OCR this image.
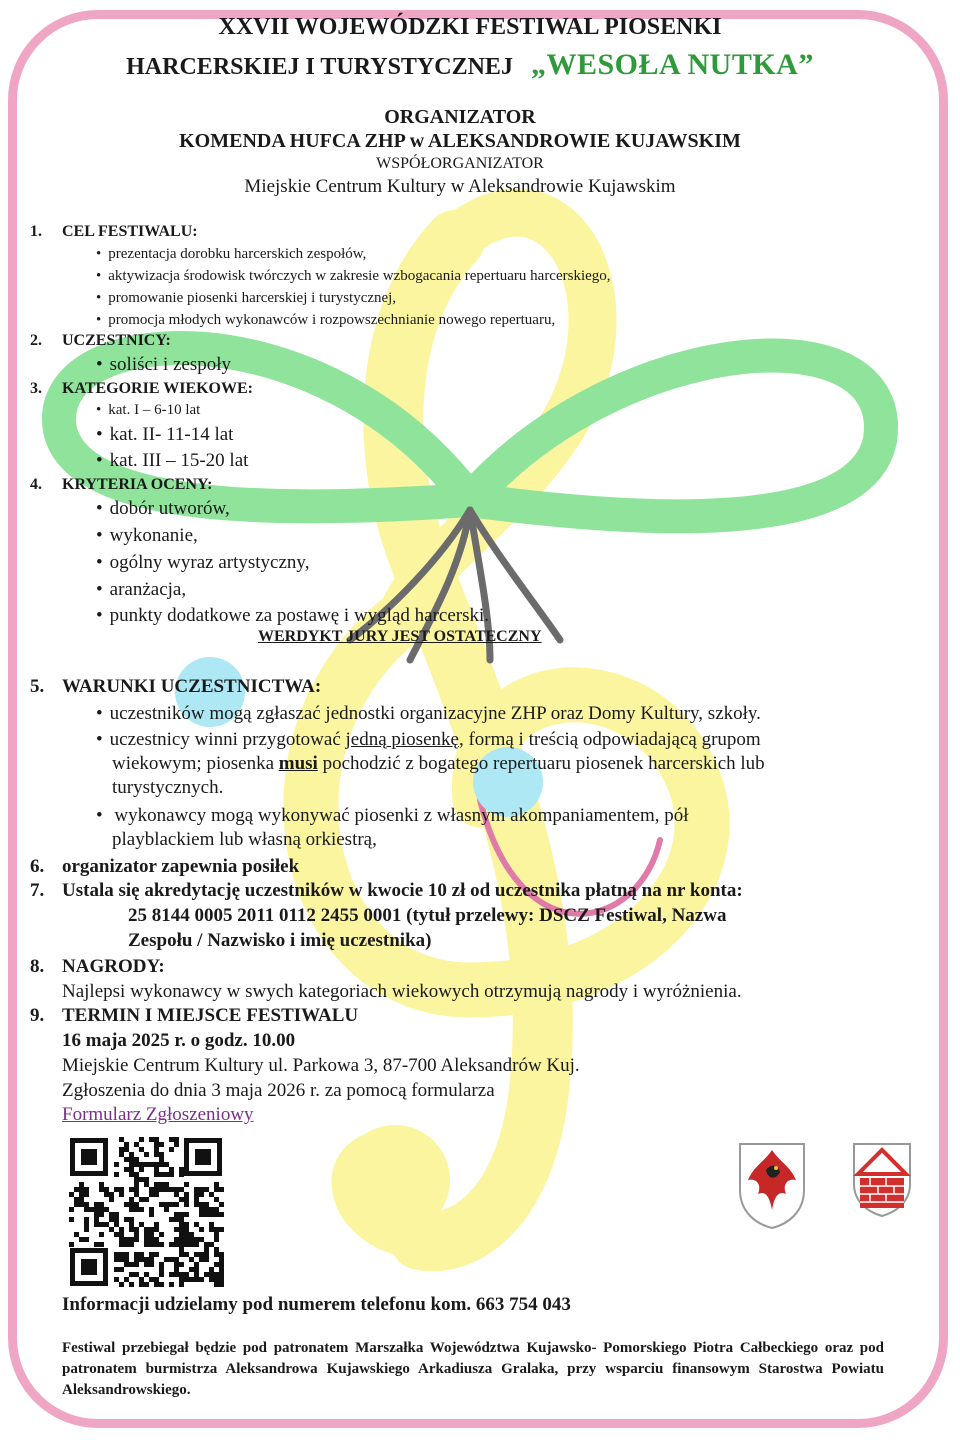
XXVII WOJEWÓDZKI FESTIWAL PIOSENKI
HARCERSKIEJ I TURYSTYCZNEJ „WESOŁA NUTKA”
ORGANIZATOR
KOMENDA HUFCA ZHP w ALEKSANDROWIE KUJAWSKIM
WSPÓŁORGANIZATOR
Miejskie Centrum Kultury w Aleksandrowie Kujawskim
1. CEL FESTIWALU:
• prezentacja dorobku harcerskich zespołów,
• aktywizacja środowisk twórczych w zakresie wzbogacania repertuaru harcerskiego,
• promowanie piosenki harcerskiej i turystycznej,
• promocja młodych wykonawców i rozpowszechnianie nowego repertuaru,
2. UCZESTNICY:
• soliści i zespoły
3. KATEGORIE WIEKOWE:
• kat. I – 6-10 lat
• kat. II- 11-14 lat
• kat. III – 15-20 lat
4. KRYTERIA OCENY:
• dobór utworów,
• wykonanie,
• ogólny wyraz artystyczny,
• aranżacja,
• punkty dodatkowe za postawę i wygląd harcerski.
WERDYKT JURY JEST OSTATECZNY
5. WARUNKI UCZESTNICTWA:
• uczestników mogą zgłaszać jednostki organizacyjne ZHP oraz Domy Kultury, szkoły.
• uczestnicy winni przygotować jedną piosenkę, formą i treścią odpowiadającą grupom
wiekowym; piosenka musi pochodzić z bogatego repertuaru piosenek harcerskich lub
turystycznych.
• wykonawcy mogą wykonywać piosenki z własnym akompaniamentem, pół
playblackiem lub własną orkiestrą,
6. organizator zapewnia posiłek
7. Ustala się akredytację uczestników w kwocie 10 zł od uczestnika płatną na nr konta:
25 8144 0005 2011 0112 2455 0001 (tytuł przelewy: DSCZ Festiwal, Nazwa
Zespołu / Nazwisko i imię uczestnika)
8. NAGRODY:
Najlepsi wykonawcy w swych kategoriach wiekowych otrzymują nagrody i wyróżnienia.
9. TERMIN I MIEJSCE FESTIWALU
16 maja 2025 r. o godz. 10.00
Miejskie Centrum Kultury ul. Parkowa 3, 87-700 Aleksandrów Kuj.
Zgłoszenia do dnia 3 maja 2026 r. za pomocą formularza
Formularz Zgłoszeniowy
Informacji udzielamy pod numerem telefonu kom. 663 754 043
Festiwal przebiegał będzie pod patronatem Marszałka Województwa Kujawsko- Pomorskiego Piotra Całbeckiego oraz pod patronatem burmistrza Aleksandrowa Kujawskiego Arkadiusza Gralaka, przy wsparciu finansowym Starostwa Powiatu Aleksandrowskiego.
